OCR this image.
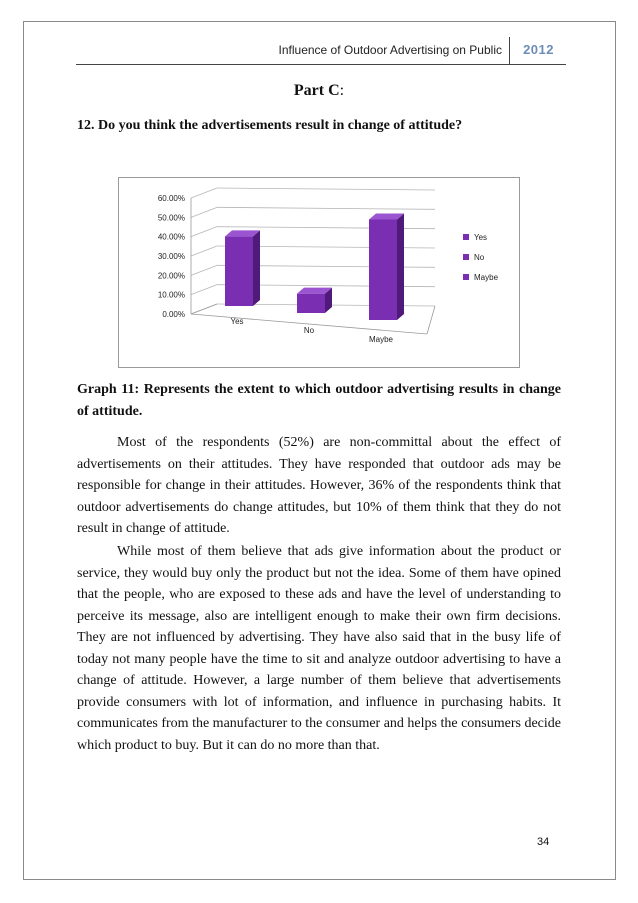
Influence of Outdoor Advertising on Public 2012
Part C:
12. Do you think the advertisements result in change of attitude?
0.00%
10.00%
20.00%
30.00%
40.00%
50.00%
60.00%
Yes
No
Maybe
Yes
No
Maybe
Graph 11: Represents the extent to which outdoor advertising results in change of attitude.
Most of the respondents (52%) are non-committal about the effect of advertisements on their attitudes. They have responded that outdoor ads may be responsible for change in their attitudes. However, 36% of the respondents think that outdoor advertisements do change attitudes, but 10% of them think that they do not result in change of attitude.
While most of them believe that ads give information about the product or service, they would buy only the product but not the idea. Some of them have opined that the people, who are exposed to these ads and have the level of understanding to perceive its message, also are intelligent enough to make their own firm decisions. They are not influenced by advertising. They have also said that in the busy life of today not many people have the time to sit and analyze outdoor advertising to have a change of attitude. However, a large number of them believe that advertisements provide consumers with lot of information, and influence in purchasing habits. It communicates from the manufacturer to the consumer and helps the consumers decide which product to buy. But it can do no more than that.
34
